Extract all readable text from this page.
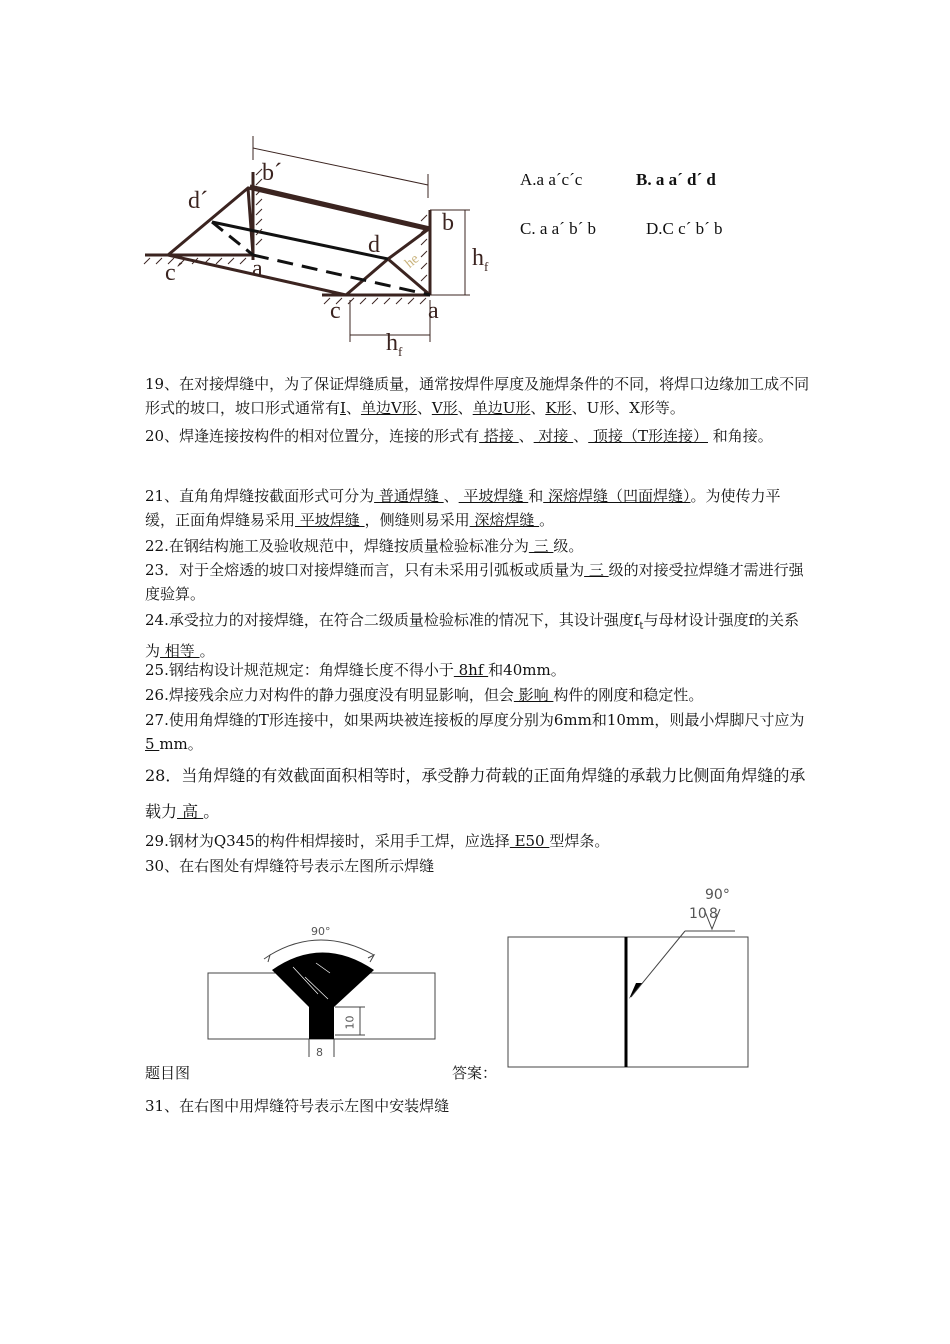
b´
d´
c´	a
b
d
he
c	a
$h_f$
$h_f$
A.a a´c´c	B. a a´ d´ d
C. a a´ b´ b	D.C c´ b´ b
19、在对接焊缝中，为了保证焊缝质量，通常按焊件厚度及施焊条件的不同，将焊口边缘加工成不同形式的坡口，坡口形式通常有I、单边V形、V形、单边U形、K形、U形、X形等。
20、焊逢连接按构件的相对位置分，连接的形式有 搭接 、 对接 、 顶接（T形连接） 和角接。
21、直角角焊缝按截面形式可分为 普通焊缝 、 平坡焊缝 和 深熔焊缝（凹面焊缝）。为使传力平缓，正面角焊缝易采用 平坡焊缝 ，侧缝则易采用 深熔焊缝 。
22.在钢结构施工及验收规范中，焊缝按质量检验标准分为 三 级。
23．对于全熔透的坡口对接焊缝而言，只有未采用引弧板或质量为 三 级的对接受拉焊缝才需进行强度验算。
24.承受拉力的对接焊缝，在符合二级质量检验标准的情况下，其设计强度$f_t$与母材设计强度f的关系为 相等 。
25.钢结构设计规范规定：角焊缝长度不得小于 8hf 和40mm。
26.焊接残余应力对构件的静力强度没有明显影响，但会 影响 构件的刚度和稳定性。
27.使用角焊缝的T形连接中，如果两块被连接板的厚度分别为6mm和10mm，则最小焊脚尺寸应为 5 mm。
28．当角焊缝的有效截面面积相等时，承受静力荷载的正面角焊缝的承载力比侧面角焊缝的承载力 高 。
29.钢材为Q345的构件相焊接时，采用手工焊，应选择 E50 型焊条。
30、在右图处有焊缝符号表示左图所示焊缝
90°
10
8
90°
10 8
题目图	答案：
31、在右图中用焊缝符号表示左图中安装焊缝
